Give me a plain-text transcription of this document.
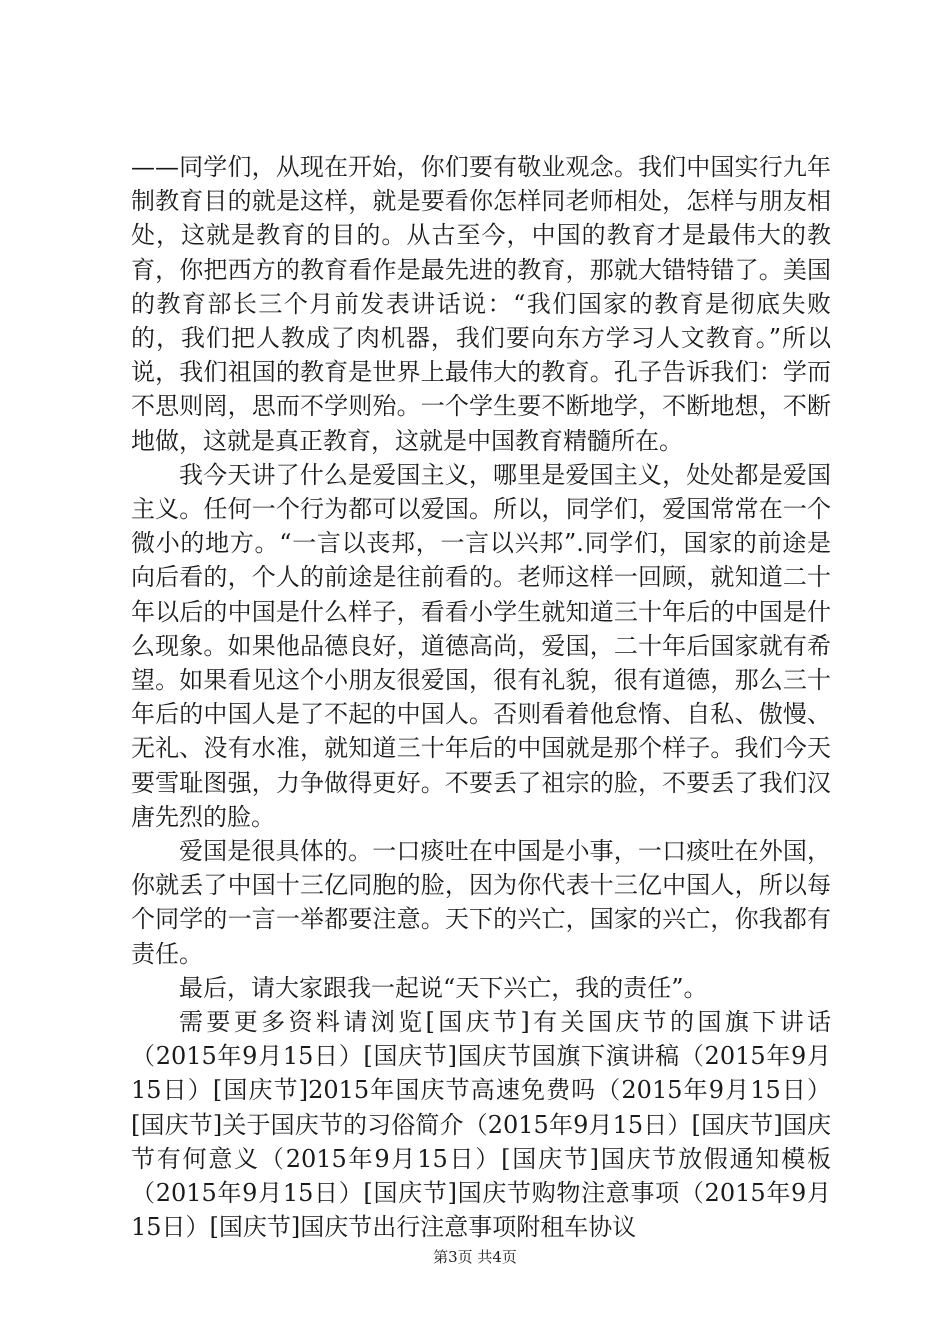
——同学们，从现在开始，你们要有敬业观念。我们中国实行九年制教育目的就是这样，就是要看你怎样同老师相处，怎样与朋友相处，这就是教育的目的。从古至今，中国的教育才是最伟大的教育，你把西方的教育看作是最先进的教育，那就大错特错了。美国的教育部长三个月前发表讲话说：“我们国家的教育是彻底失败的，我们把人教成了肉机器，我们要向东方学习人文教育。”所以说，我们祖国的教育是世界上最伟大的教育。孔子告诉我们：学而不思则罔，思而不学则殆。一个学生要不断地学，不断地想，不断地做，这就是真正教育，这就是中国教育精髓所在。

我今天讲了什么是爱国主义，哪里是爱国主义，处处都是爱国主义。任何一个行为都可以爱国。所以，同学们，爱国常常在一个微小的地方。“一言以丧邦，一言以兴邦”.同学们，国家的前途是向后看的，个人的前途是往前看的。老师这样一回顾，就知道二十年以后的中国是什么样子，看看小学生就知道三十年后的中国是什么现象。如果他品德良好，道德高尚，爱国，二十年后国家就有希望。如果看见这个小朋友很爱国，很有礼貌，很有道德，那么三十年后的中国人是了不起的中国人。否则看着他怠惰、自私、傲慢、无礼、没有水准，就知道三十年后的中国就是那个样子。我们今天要雪耻图强，力争做得更好。不要丢了祖宗的脸，不要丢了我们汉唐先烈的脸。

爱国是很具体的。一口痰吐在中国是小事，一口痰吐在外国，你就丢了中国十三亿同胞的脸，因为你代表十三亿中国人，所以每个同学的一言一举都要注意。天下的兴亡，国家的兴亡，你我都有责任。

最后，请大家跟我一起说“天下兴亡，我的责任”。

需要更多资料请浏览[国庆节]有关国庆节的国旗下讲话（2015年9月15日）[国庆节]国庆节国旗下演讲稿（2015年9月15日）[国庆节]2015年国庆节高速免费吗（2015年9月15日）[国庆节]关于国庆节的习俗简介（2015年9月15日）[国庆节]国庆节有何意义（2015年9月15日）[国庆节]国庆节放假通知模板（2015年9月15日）[国庆节]国庆节购物注意事项（2015年9月15日）[国庆节]国庆节出行注意事项附租车协议

第3页 共4页
